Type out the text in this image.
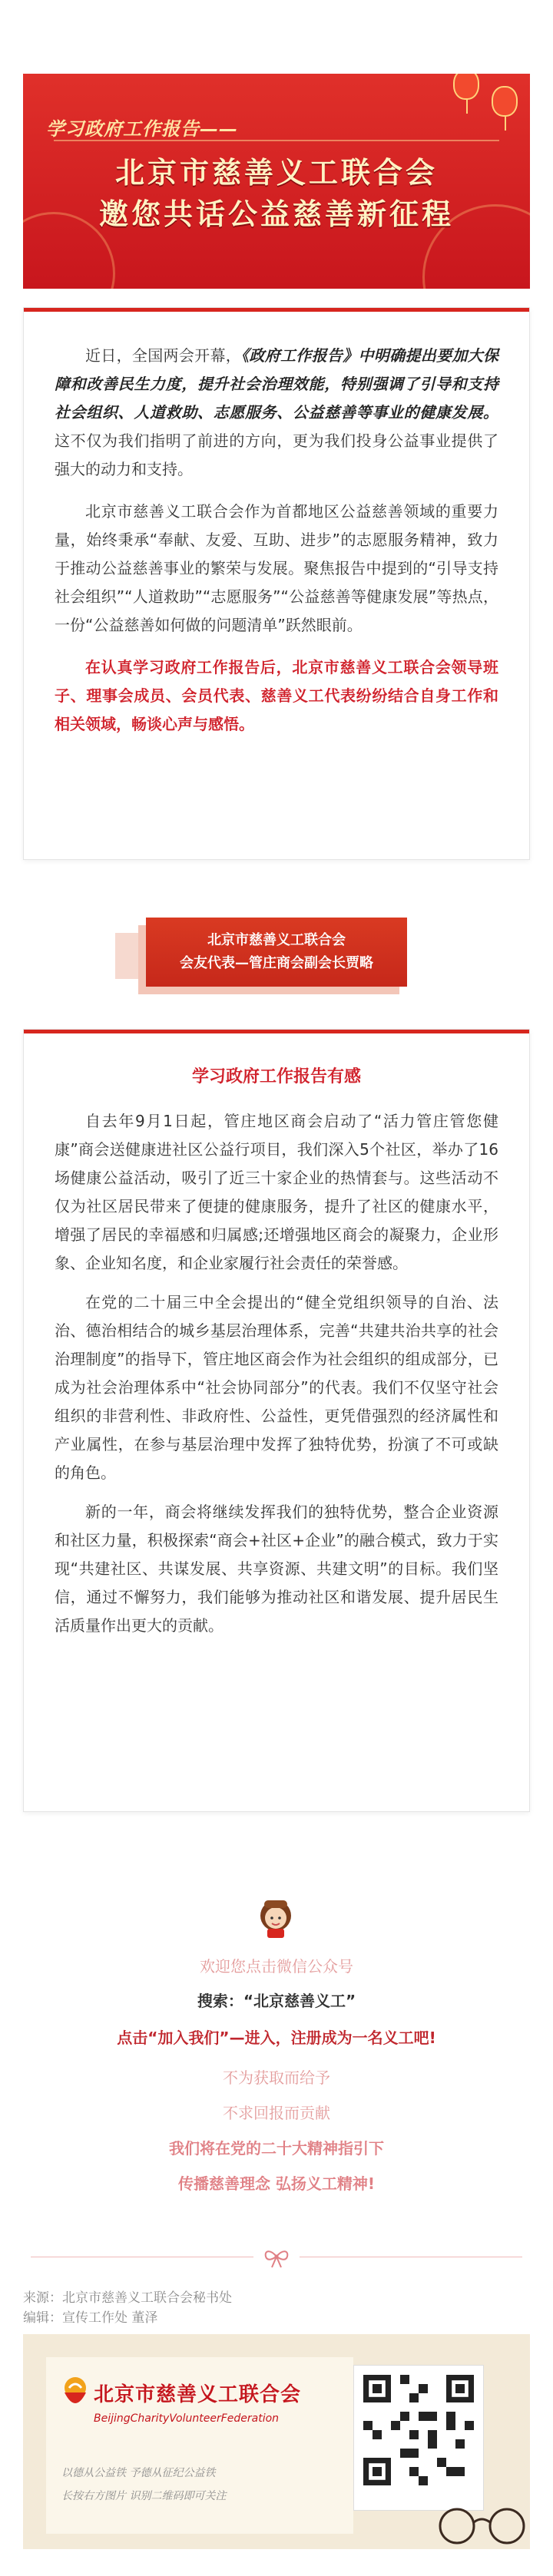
学习政府工作报告——
北京市慈善义工联合会
邀您共话公益慈善新征程

近日，全国两会开幕，《政府工作报告》中明确提出要加大保障和改善民生力度，提升社会治理效能，特别强调了引导和支持社会组织、人道救助、志愿服务、公益慈善等事业的健康发展。这不仅为我们指明了前进的方向，更为我们投身公益事业提供了强大的动力和支持。

北京市慈善义工联合会作为首都地区公益慈善领域的重要力量，始终秉承“奉献、友爱、互助、进步”的志愿服务精神，致力于推动公益慈善事业的繁荣与发展。聚焦报告中提到的“引导支持社会组织”“人道救助”“志愿服务”“公益慈善等健康发展”等热点，一份“公益慈善如何做的问题清单”跃然眼前。

在认真学习政府工作报告后，北京市慈善义工联合会领导班子、理事会成员、会员代表、慈善义工代表纷纷结合自身工作和相关领域，畅谈心声与感悟。

北京市慈善义工联合会
会友代表—管庄商会副会长贾略
学习政府工作报告有感

自去年9月1日起，管庄地区商会启动了“活力管庄管您健康”商会送健康进社区公益行项目，我们深入5个社区，举办了16场健康公益活动，吸引了近三十家企业的热情套与。这些活动不仅为社区居民带来了便捷的健康服务，提升了社区的健康水平，增强了居民的幸福感和归属感;还增强地区商会的凝聚力，企业形象、企业知名度，和企业家履行社会责任的荣誉感。

在党的二十届三中全会提出的“健全党组织领导的自治、法治、德治相结合的城乡基层治理体系，完善“共建共治共享的社会治理制度”的指导下，管庄地区商会作为社会组织的组成部分，已成为社会治理体系中“社会协同部分”的代表。我们不仅坚守社会组织的非营利性、非政府性、公益性，更凭借强烈的经济属性和产业属性，在参与基层治理中发挥了独特优势，扮演了不可或缺的角色。

新的一年，商会将继续发挥我们的独特优势，整合企业资源和社区力量，积极探索“商会+社区+企业”的融合模式，致力于实现“共建社区、共谋发展、共享资源、共建文明”的目标。我们坚信，通过不懈努力，我们能够为推动社区和谐发展、提升居民生活质量作出更大的贡献。

欢迎您点击微信公众号
搜索：“北京慈善义工”
点击“加入我们”—进入，注册成为一名义工吧!
不为获取而给予
不求回报而贡献
我们将在党的二十大精神指引下
传播慈善理念 弘扬义工精神!
来源：北京市慈善义工联合会秘书处
编辑：宣传工作处 董泽
北京市慈善义工联合会
BeijingCharityVolunteerFederation
以德从公益铁 予德从征纪公益铁
长按右方图片 识别二维码即可关注
